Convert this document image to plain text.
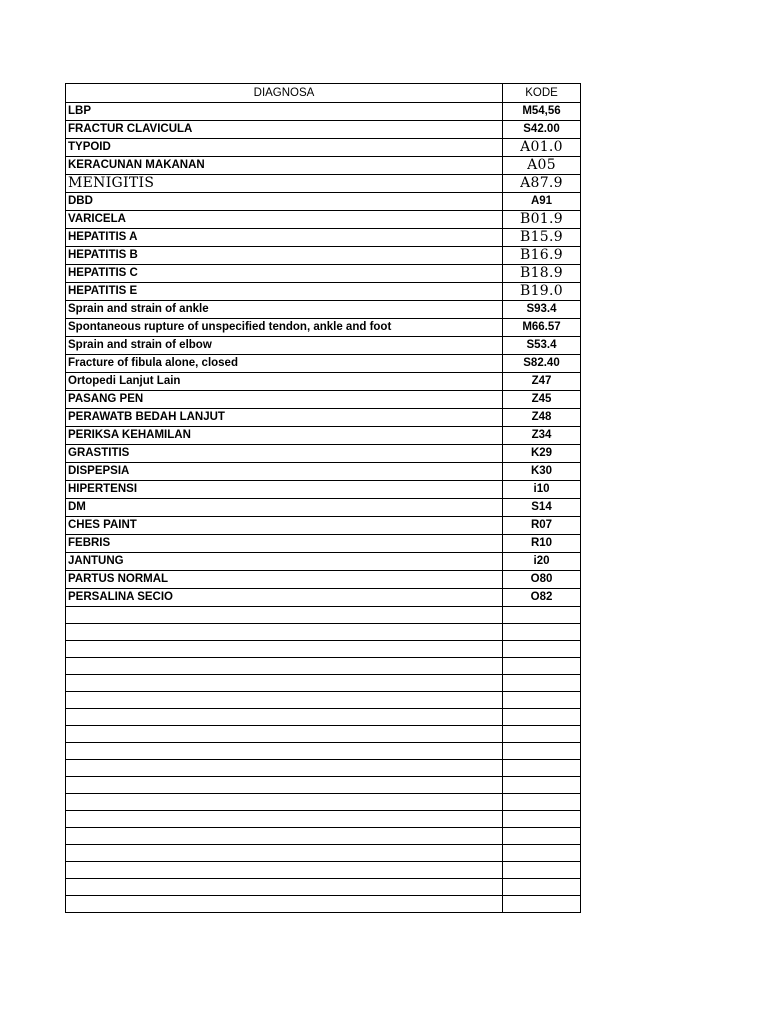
DIAGNOSA	KODE
LBP	M54,56
FRACTUR CLAVICULA	S42.00
TYPOID	A01.0
KERACUNAN MAKANAN	A05
MENIGITIS	A87.9
DBD	A91
VARICELA	B01.9
HEPATITIS A	B15.9
HEPATITIS B	B16.9
HEPATITIS C	B18.9
HEPATITIS E	B19.0
Sprain and strain of ankle	S93.4
Spontaneous rupture of unspecified tendon, ankle and foot	M66.57
Sprain and strain of elbow	S53.4
Fracture of fibula alone, closed	S82.40
Ortopedi Lanjut Lain	Z47
PASANG PEN	Z45
PERAWATB BEDAH LANJUT	Z48
PERIKSA KEHAMILAN	Z34
GRASTITIS	K29
DISPEPSIA	K30
HIPERTENSI	i10
DM	S14
CHES PAINT	R07
FEBRIS	R10
JANTUNG	i20
PARTUS NORMAL	O80
PERSALINA SECIO	O82
